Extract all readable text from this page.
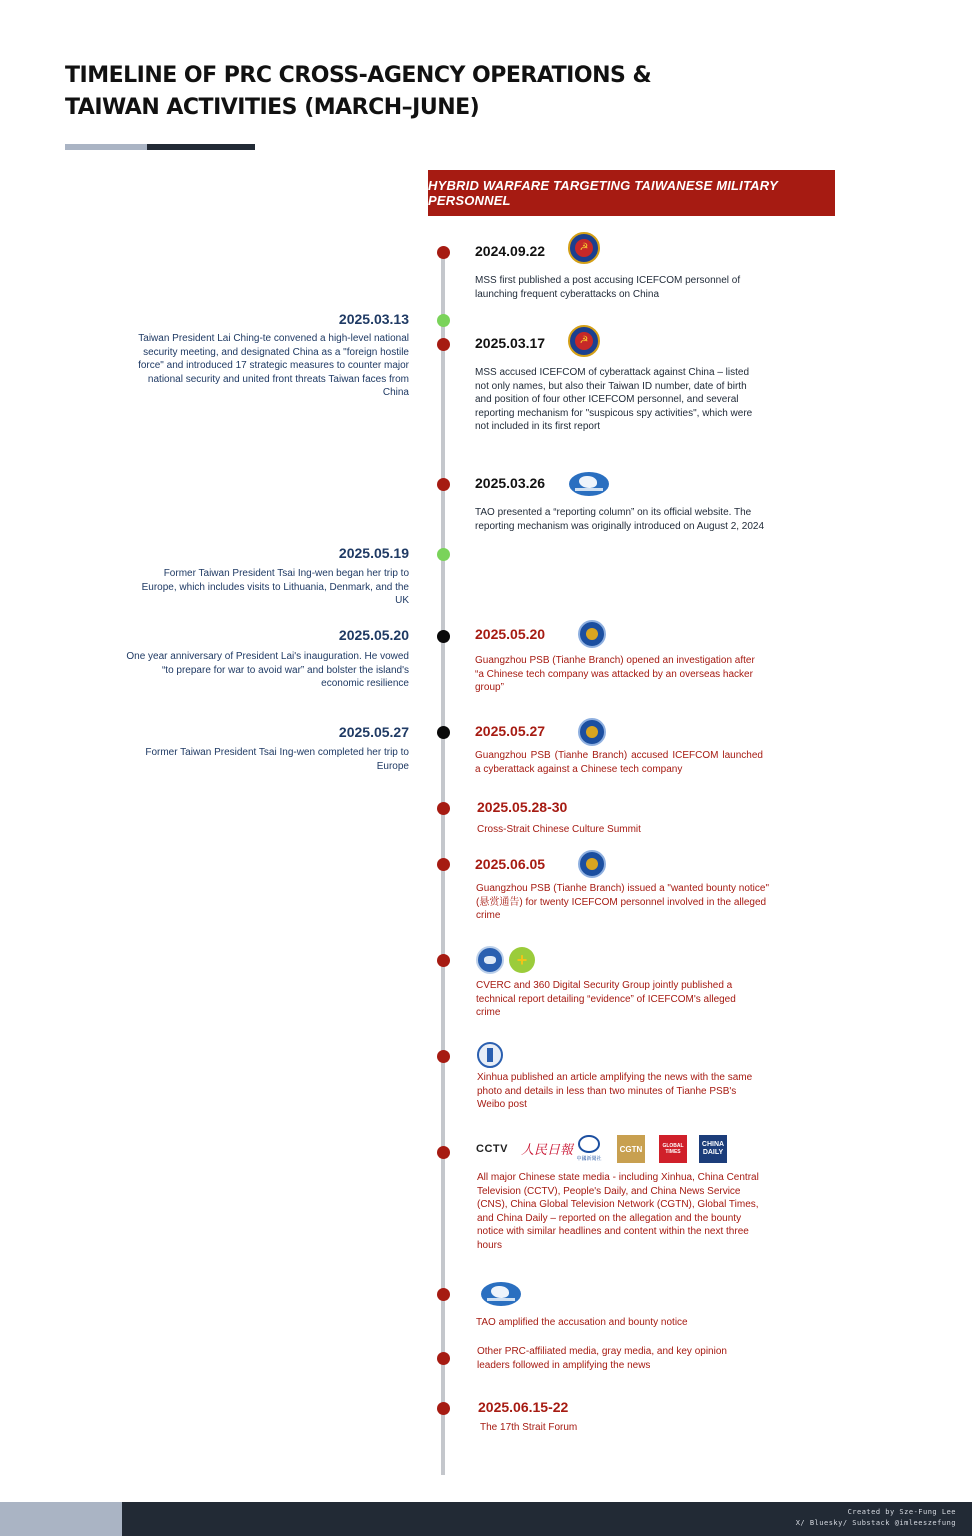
TIMELINE OF PRC CROSS-AGENCY OPERATIONS &
TAIWAN ACTIVITIES (MARCH–JUNE)
HYBRID WARFARE TARGETING TAIWANESE MILITARY PERSONNEL
2025.03.13
Taiwan President Lai Ching-te convened a high-level national security meeting, and designated China as a "foreign hostile force" and introduced 17 strategic measures to counter major national security and united front threats Taiwan faces from China
2025.05.19
Former Taiwan President Tsai Ing-wen began her trip to Europe, which includes visits to Lithuania, Denmark, and the UK
2025.05.20
One year anniversary of President Lai's inauguration. He vowed “to prepare for war to avoid war” and bolster the island's economic resilience
2025.05.27
Former Taiwan President Tsai Ing-wen completed her trip to Europe
2024.09.22	☭
MSS first published a post accusing ICEFCOM personnel of launching frequent cyberattacks on China
2025.03.17	☭
MSS accused ICEFCOM of cyberattack against China – listed not only names, but also their Taiwan ID number, date of birth and position of four other ICEFCOM personnel, and several reporting mechanism for "suspicous spy activities", which were not included in its first report
2025.03.26
TAO presented a “reporting column” on its official website. The reporting mechanism was originally introduced on August 2, 2024
2025.05.20
Guangzhou PSB (Tianhe Branch) opened an investigation after “a Chinese tech company was attacked by an overseas hacker group”
2025.05.27
Guangzhou PSB (Tianhe Branch) accused ICEFCOM launched a cyberattack against a Chinese tech company
2025.05.28-30
Cross-Strait Chinese Culture Summit
2025.06.05
Guangzhou PSB (Tianhe Branch) issued a "wanted bounty notice" (悬赏通告) for twenty ICEFCOM personnel involved in the alleged crime
+
CVERC and 360 Digital Security Group jointly published a technical report detailing “evidence” of ICEFCOM's alleged crime
Xinhua published an article amplifying the news with the same photo and details in less than two minutes of Tianhe PSB's Weibo post
CCTV 人民日報
中國新聞社
CGTN	GLOBAL TIMES
CHINA DAILY
All major Chinese state media - including Xinhua, China Central Television (CCTV), People's Daily, and China News Service (CNS), China Global Television Network (CGTN), Global Times, and China Daily – reported on the allegation and the bounty notice with similar headlines and content within the next three hours
TAO amplified the accusation and bounty notice
Other PRC-affiliated media, gray media, and key opinion leaders followed in amplifying the news
2025.06.15-22
The 17th Strait Forum
Created by Sze-Fung Lee
X/ Bluesky/ Substack @imleeszefung
